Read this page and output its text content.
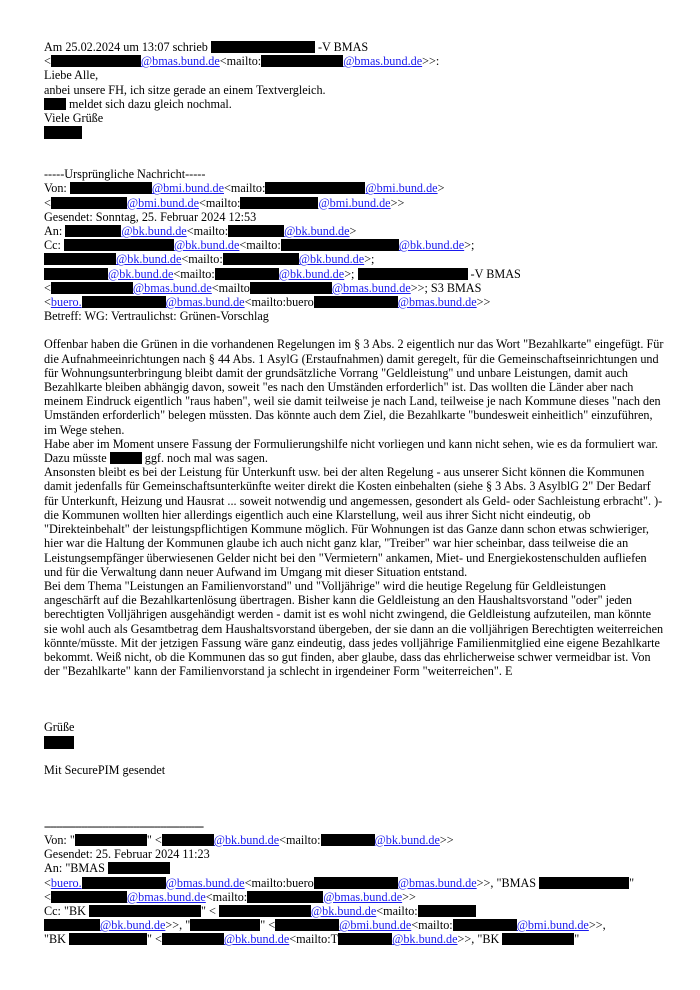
Am 25.02.2024 um 13:07 schrieb	-V BMAS
<	@bmas.bund.de<mailto:	@bmas.bund.de>>:
Liebe Alle,
anbei unsere FH, ich sitze gerade an einem Textvergleich.
meldet sich dazu gleich nochmal.
Viele Grüße
-----Ursprüngliche Nachricht-----
Von:	@bmi.bund.de<mailto:	@bmi.bund.de>
<	@bmi.bund.de<mailto:	@bmi.bund.de>>
Gesendet: Sonntag, 25. Februar 2024 12:53
An:	@bk.bund.de<mailto:	@bk.bund.de>
Cc:	@bk.bund.de<mailto:	@bk.bund.de>;
@bk.bund.de<mailto:	@bk.bund.de>;
@bk.bund.de<mailto:	@bk.bund.de>;	-V BMAS
<	@bmas.bund.de<mailto	@bmas.bund.de>>; S3 BMAS
<buero.	@bmas.bund.de<mailto:buero	@bmas.bund.de>>
Betreff: WG: Vertraulichst: Grünen-Vorschlag
Offenbar haben die Grünen in die vorhandenen Regelungen im § 3 Abs. 2 eigentlich nur das Wort "Bezahlkarte" eingefügt. Für die Aufnahmeeinrichtungen nach § 44 Abs. 1 AsylG (Erstaufnahmen) damit geregelt, für die Gemeinschaftseinrichtungen und für Wohnungsunterbringung bleibt damit der grundsätzliche Vorrang "Geldleistung" und unbare Leistungen, damit auch Bezahlkarte bleiben abhängig davon, soweit "es nach den Umständen erforderlich" ist. Das wollten die Länder aber nach meinem Eindruck eigentlich "raus haben", weil sie damit teilweise je nach Land, teilweise je nach Kommune dieses "nach den Umständen erforderlich" belegen müssten. Das könnte auch dem Ziel, die Bezahlkarte "bundesweit einheitlich" einzuführen, im Wege stehen.
Habe aber im Moment unsere Fassung der Formulierungshilfe nicht vorliegen und kann nicht sehen, wie es da formuliert war. Dazu müsste	ggf. noch mal was sagen.
Ansonsten bleibt es bei der Leistung für Unterkunft usw. bei der alten Regelung - aus unserer Sicht können die Kommunen damit jedenfalls für Gemeinschaftsunterkünfte weiter direkt die Kosten einbehalten (siehe § 3 Abs. 3 AsylblG 2" Der Bedarf für Unterkunft, Heizung und Hausrat ... soweit notwendig und angemessen, gesondert als Geld- oder Sachleistung erbracht". )- die Kommunen wollten hier allerdings eigentlich auch eine Klarstellung, weil aus ihrer Sicht nicht eindeutig, ob "Direkteinbehalt" der leistungspflichtigen Kommune möglich. Für Wohnungen ist das Ganze dann schon etwas schwieriger, hier war die Haltung der Kommunen glaube ich auch nicht ganz klar, "Treiber" war hier scheinbar, dass teilweise die an Leistungsempfänger überwiesenen Gelder nicht bei den "Vermietern" ankamen, Miet- und Energiekostenschulden aufliefen und für die Verwaltung dann neuer Aufwand im Umgang mit dieser Situation entstand.
Bei dem Thema "Leistungen an Familienvorstand" und "Volljährige" wird die heutige Regelung für Geldleistungen angeschärft auf die Bezahlkartenlösung übertragen. Bisher kann die Geldleistung an den Haushaltsvorstand "oder" jeden berechtigten Volljährigen ausgehändigt werden - damit ist es wohl nicht zwingend, die Geldleistung aufzuteilen, man könnte sie wohl auch als Gesamtbetrag dem Haushaltsvorstand übergeben, der sie dann an die volljährigen Berechtigten weiterreichen könnte/müsste. Mit der jetzigen Fassung wäre ganz eindeutig, dass jedes volljährige Familienmitglied eine eigene Bezahlkarte bekommt. Weiß nicht, ob die Kommunen das so gut finden, aber glaube, dass das ehrlicherweise schwer vermeidbar ist. Von der "Bezahlkarte" kann der Familienvorstand ja schlecht in irgendeiner Form "weiterreichen". E
Grüße
Mit SecurePIM gesendet
----------------------------------------------------
Von: "	" <	@bk.bund.de<mailto:	@bk.bund.de>>
Gesendet: 25. Februar 2024 11:23
An: "BMAS
<buero.	@bmas.bund.de<mailto:buero	@bmas.bund.de>>, "BMAS	"
<	@bmas.bund.de<mailto:	@bmas.bund.de>>
Cc: "BK	" <	@bk.bund.de<mailto:
@bk.bund.de>>, "	" <	@bmi.bund.de<mailto:	@bmi.bund.de>>,
"BK	" <	@bk.bund.de<mailto:T	@bk.bund.de>>, "BK	"
4
